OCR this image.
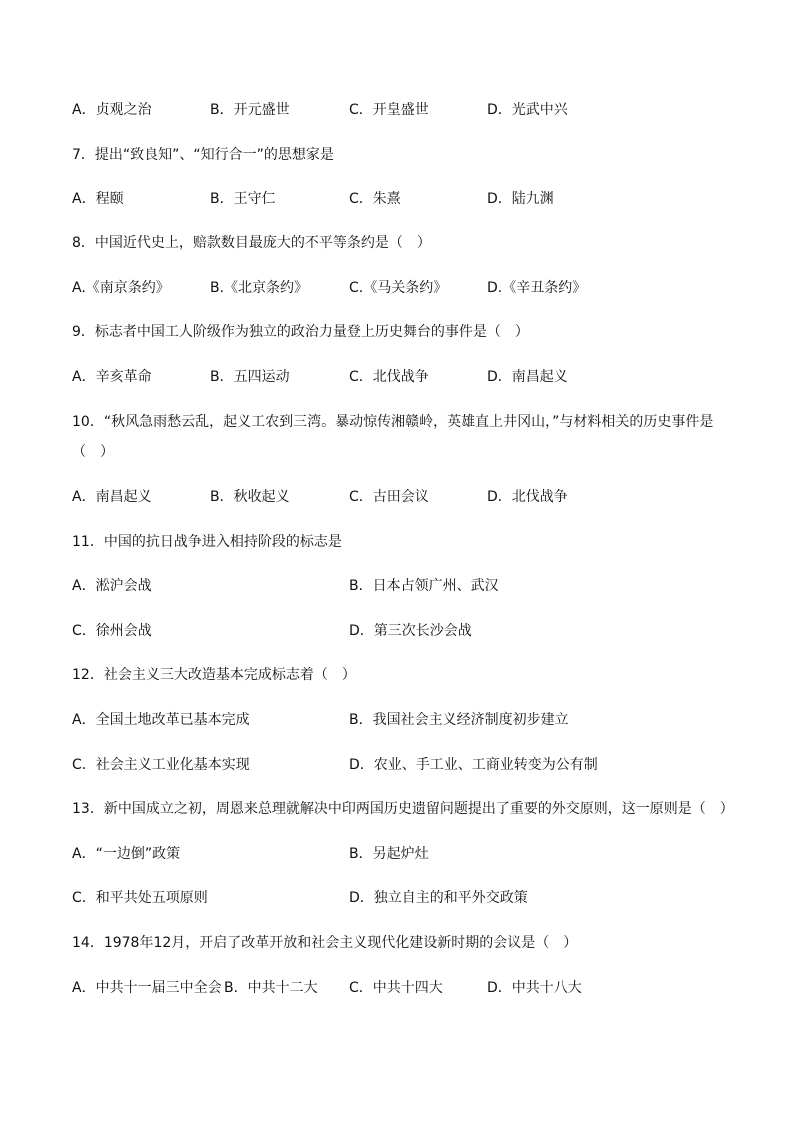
A．贞观之治	B．开元盛世	C．开皇盛世	D．光武中兴
7．提出“致良知”、“知行合一”的思想家是
A．程颐	B．王守仁	C．朱熹	D．陆九渊
8．中国近代史上，赔款数目最庞大的不平等条约是（　）
A.《南京条约》	B.《北京条约》	C.《马关条约》	D.《辛丑条约》
9．标志者中国工人阶级作为独立的政治力量登上历史舞台的事件是（　）
A．辛亥革命	B．五四运动	C．北伐战争	D．南昌起义
10．“秋风急雨愁云乱，起义工农到三湾。暴动惊传湘赣岭，英雄直上井冈山，”与材料相关的历史事件是（　）
A．南昌起义	B．秋收起义	C．古田会议	D．北伐战争
11．中国的抗日战争进入相持阶段的标志是
A．淞沪会战	B．日本占领广州、武汉
C．徐州会战	D．第三次长沙会战
12．社会主义三大改造基本完成标志着（　）
A．全国土地改革已基本完成	B．我国社会主义经济制度初步建立
C．社会主义工业化基本实现	D．农业、手工业、工商业转变为公有制
13．新中国成立之初，周恩来总理就解决中印两国历史遗留问题提出了重要的外交原则，这一原则是（　）
A．“一边倒”政策	B．另起炉灶
C．和平共处五项原则	D．独立自主的和平外交政策
14．1978年12月，开启了改革开放和社会主义现代化建设新时期的会议是（　）
A．中共十一届三中全会 B．中共十二大 C．中共十四大	D．中共十八大
